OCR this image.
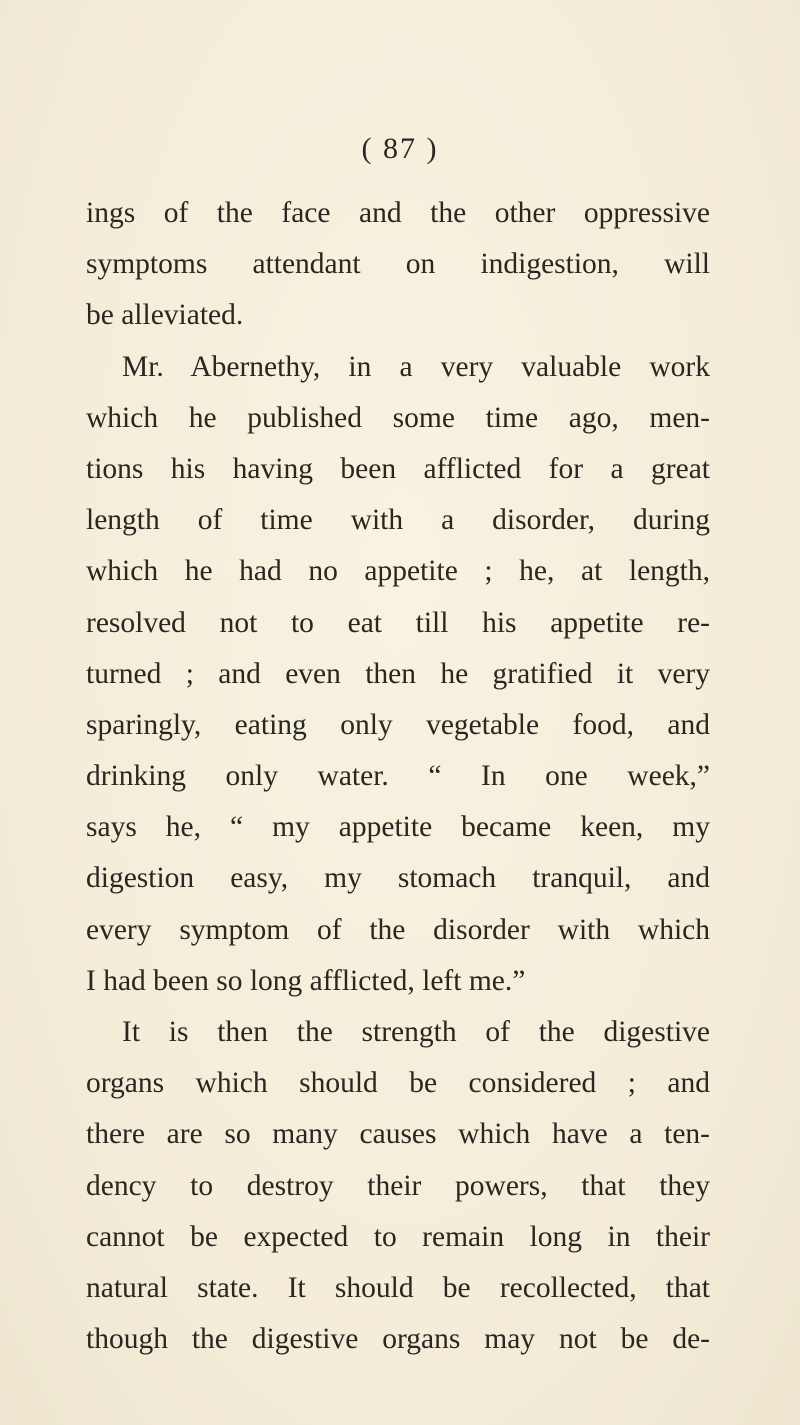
( 87 )
ings of the face and the other oppressive
symptoms attendant on indigestion, will
be alleviated.
Mr. Abernethy, in a very valuable work
which he published some time ago, men-
tions his having been afflicted for a great
length of time with a disorder, during
which he had no appetite ; he, at length,
resolved not to eat till his appetite re-
turned ; and even then he gratified it very
sparingly, eating only vegetable food, and
drinking only water. “ In one week,”
says he, “ my appetite became keen, my
digestion easy, my stomach tranquil, and
every symptom of the disorder with which
I had been so long afflicted, left me.”
It is then the strength of the digestive
organs which should be considered ; and
there are so many causes which have a ten-
dency to destroy their powers, that they
cannot be expected to remain long in their
natural state. It should be recollected, that
though the digestive organs may not be de-
